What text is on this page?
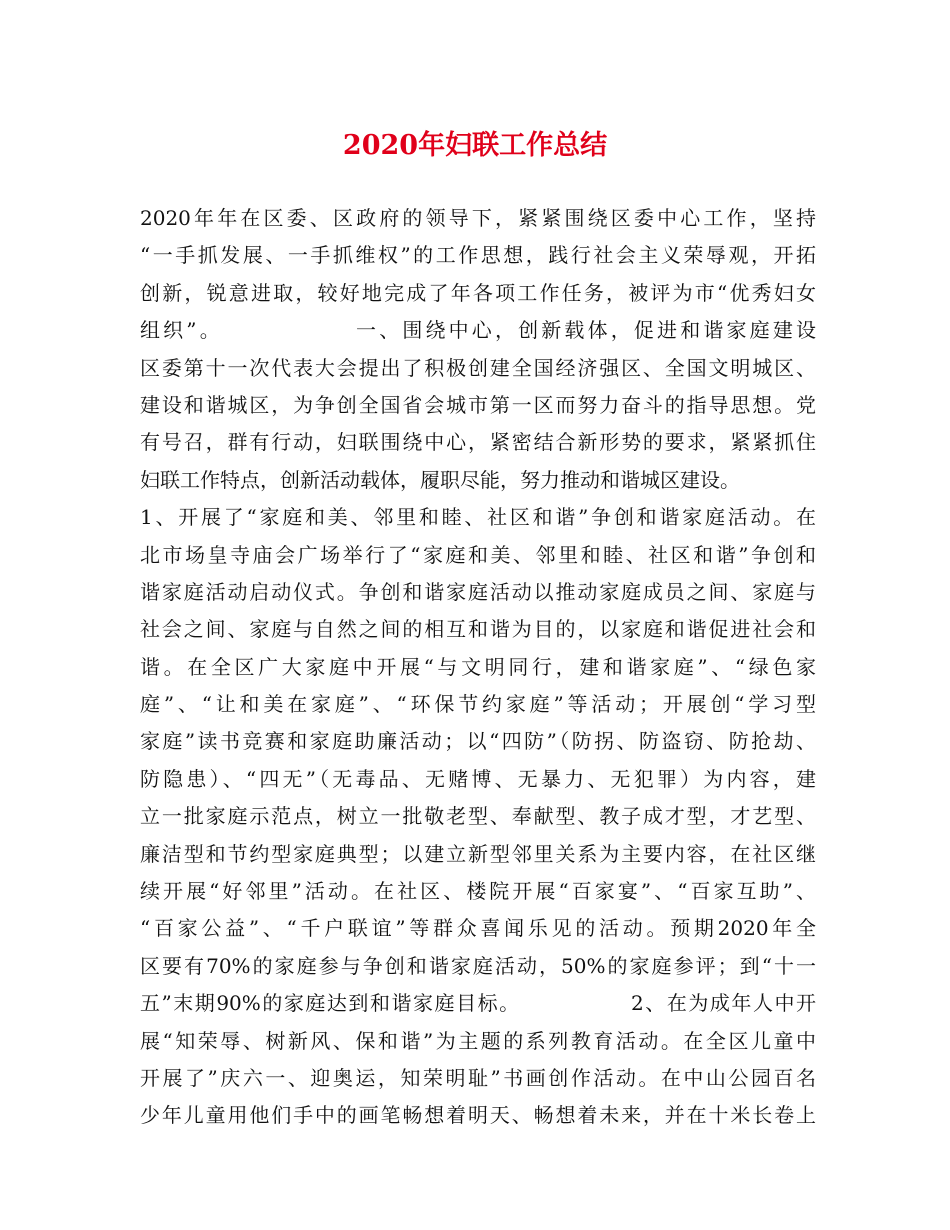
2020年妇联工作总结
2020年年在区委、区政府的领导下，紧紧围绕区委中心工作，坚持
“一手抓发展、一手抓维权”的工作思想，践行社会主义荣辱观，开拓
创新，锐意进取，较好地完成了年各项工作任务，被评为市“优秀妇女
组织”。              一、围绕中心，创新载体，促进和谐家庭建设
区委第十一次代表大会提出了积极创建全国经济强区、全国文明城区、
建设和谐城区，为争创全国省会城市第一区而努力奋斗的指导思想。党
有号召，群有行动，妇联围绕中心，紧密结合新形势的要求，紧紧抓住
妇联工作特点，创新活动载体，履职尽能，努力推动和谐城区建设。
1、开展了“家庭和美、邻里和睦、社区和谐”争创和谐家庭活动。在
北市场皇寺庙会广场举行了“家庭和美、邻里和睦、社区和谐”争创和
谐家庭活动启动仪式。争创和谐家庭活动以推动家庭成员之间、家庭与
社会之间、家庭与自然之间的相互和谐为目的，以家庭和谐促进社会和
谐。在全区广大家庭中开展“与文明同行，建和谐家庭”、“绿色家
庭”、“让和美在家庭”、“环保节约家庭”等活动；开展创“学习型
家庭”读书竞赛和家庭助廉活动；以“四防”（防拐、防盗窃、防抢劫、
防隐患）、“四无”（无毒品、无赌博、无暴力、无犯罪）为内容，建
立一批家庭示范点，树立一批敬老型、奉献型、教子成才型，才艺型、
廉洁型和节约型家庭典型；以建立新型邻里关系为主要内容，在社区继
续开展“好邻里”活动。在社区、楼院开展“百家宴”、“百家互助”、
“百家公益”、“千户联谊”等群众喜闻乐见的活动。预期2020年全
区要有70%的家庭参与争创和谐家庭活动，50%的家庭参评；到“十一
五”末期90%的家庭达到和谐家庭目标。              2、在为成年人中开
展“知荣辱、树新风、保和谐”为主题的系列教育活动。在全区儿童中
开展了”庆六一、迎奥运，知荣明耻”书画创作活动。在中山公园百名
少年儿童用他们手中的画笔畅想着明天、畅想着未来，并在十米长卷上
